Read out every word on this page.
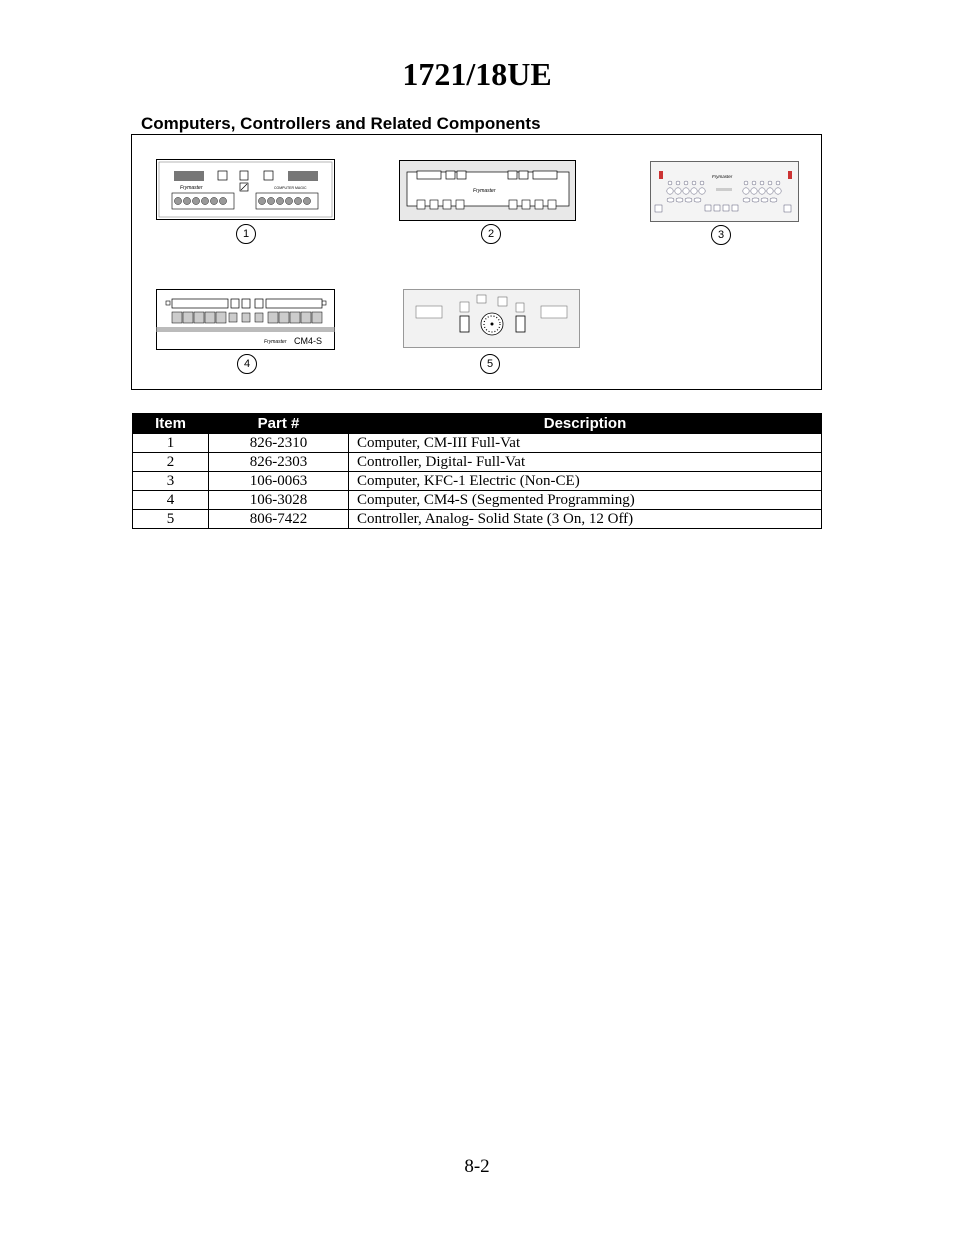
1721/18UE
Computers, Controllers and Related Components
Frymaster	COMPUTER MAGIC
1
Frymaster
2
Frymaster
3
Frymaster CM4-S
4	5
Item	Part #	Description
1	826-2310	Computer, CM-III Full-Vat
2	826-2303	Controller, Digital- Full-Vat
3	106-0063	Computer, KFC-1 Electric (Non-CE)
4	106-3028	Computer, CM4-S (Segmented Programming)
5	806-7422	Controller, Analog- Solid State (3 On, 12 Off)
8-2
